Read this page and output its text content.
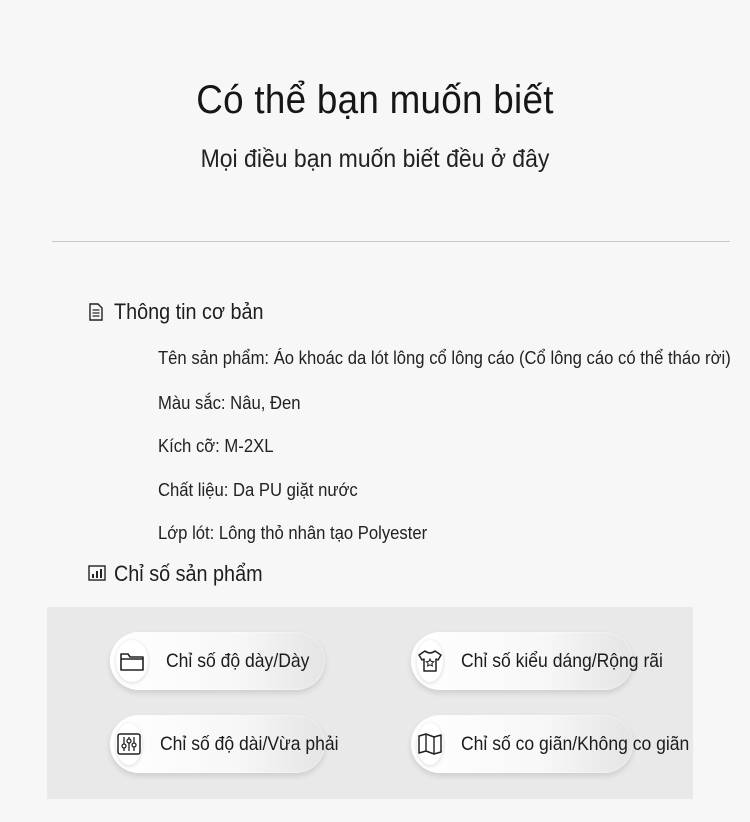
Có thể bạn muốn biết
Mọi điều bạn muốn biết đều ở đây
Thông tin cơ bản
Tên sản phẩm: Áo khoác da lót lông cổ lông cáo (Cổ lông cáo có thể tháo rời)
Màu sắc: Nâu, Đen
Kích cỡ: M-2XL
Chất liệu: Da PU giặt nước
Lớp lót: Lông thỏ nhân tạo Polyester
Chỉ số sản phẩm
Chỉ số độ dày/Dày	Chỉ số kiểu dáng/Rộng rãi
Chỉ số độ dài/Vừa phải	Chỉ số co giãn/Không co giãn
